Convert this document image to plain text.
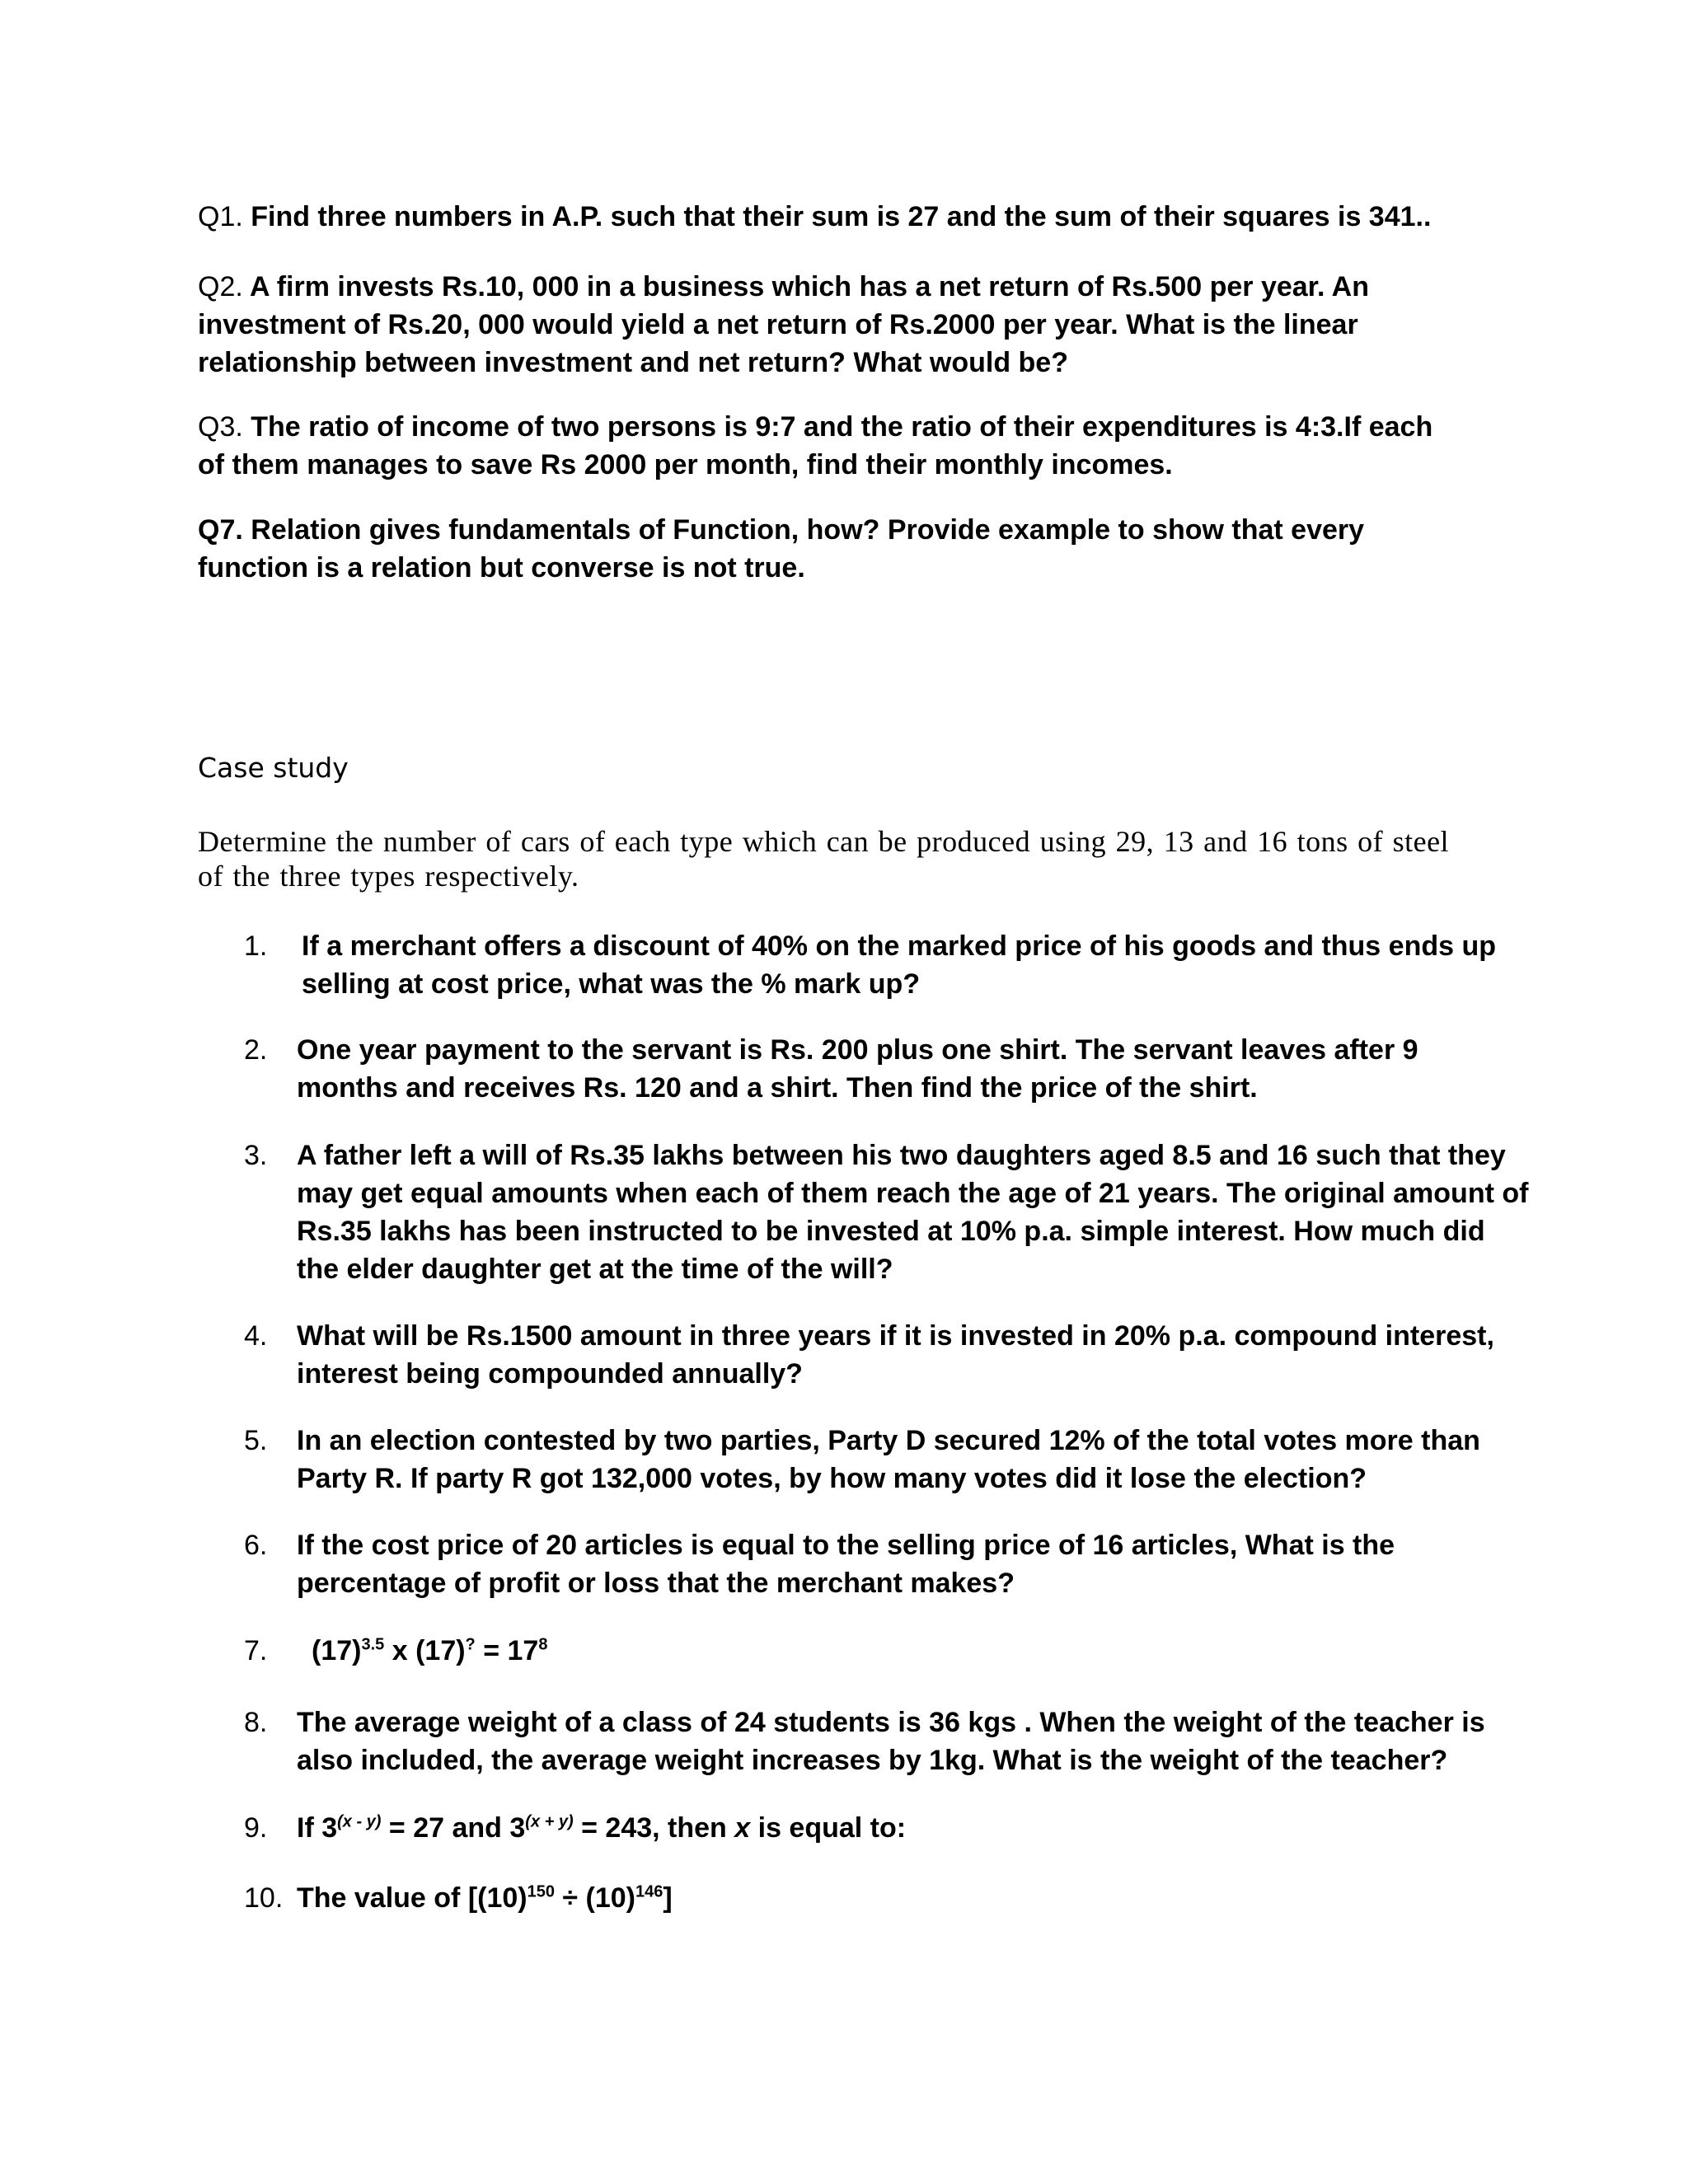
Q1. Find three numbers in A.P. such that their sum is 27 and the sum of their squares is 341..
Q2. A firm invests Rs.10, 000 in a business which has a net return of Rs.500 per year. An investment of Rs.20, 000 would yield a net return of Rs.2000 per year. What is the linear relationship between investment and net return? What would be?
Q3. The ratio of income of two persons is 9:7 and the ratio of their expenditures is 4:3.If each of them manages to save Rs 2000 per month, find their monthly incomes.
Q7. Relation gives fundamentals of Function, how? Provide example to show that every function is a relation but converse is not true.
Case study
Determine the number of cars of each type which can be produced using 29, 13 and 16 tons of steel of the three types respectively.
1.	If a merchant offers a discount of 40% on the marked price of his goods and thus ends up selling at cost price, what was the % mark up?
2.	One year payment to the servant is Rs. 200 plus one shirt. The servant leaves after 9 months and receives Rs. 120 and a shirt. Then find the price of the shirt.
3.	A father left a will of Rs.35 lakhs between his two daughters aged 8.5 and 16 such that they may get equal amounts when each of them reach the age of 21 years. The original amount of Rs.35 lakhs has been instructed to be invested at 10% p.a. simple interest. How much did the elder daughter get at the time of the will?
4.	What will be Rs.1500 amount in three years if it is invested in 20% p.a. compound interest, interest being compounded annually?
5.	In an election contested by two parties, Party D secured 12% of the total votes more than Party R. If party R got 132,000 votes, by how many votes did it lose the election?
6.	If the cost price of 20 articles is equal to the selling price of 16 articles, What is the percentage of profit or loss that the merchant makes?
7.	$(17)^{3.5}$ x $(17)^? = 17^8$
8.	The average weight of a class of 24 students is 36 kgs . When the weight of the teacher is also included, the average weight increases by 1kg. What is the weight of the teacher?
9.	If $3^{(x - y)} = 27$ and $3^{(x + y)} = 243$, then x is equal to:
10. The value of $[(10)^{150} \div (10)^{146}]$
